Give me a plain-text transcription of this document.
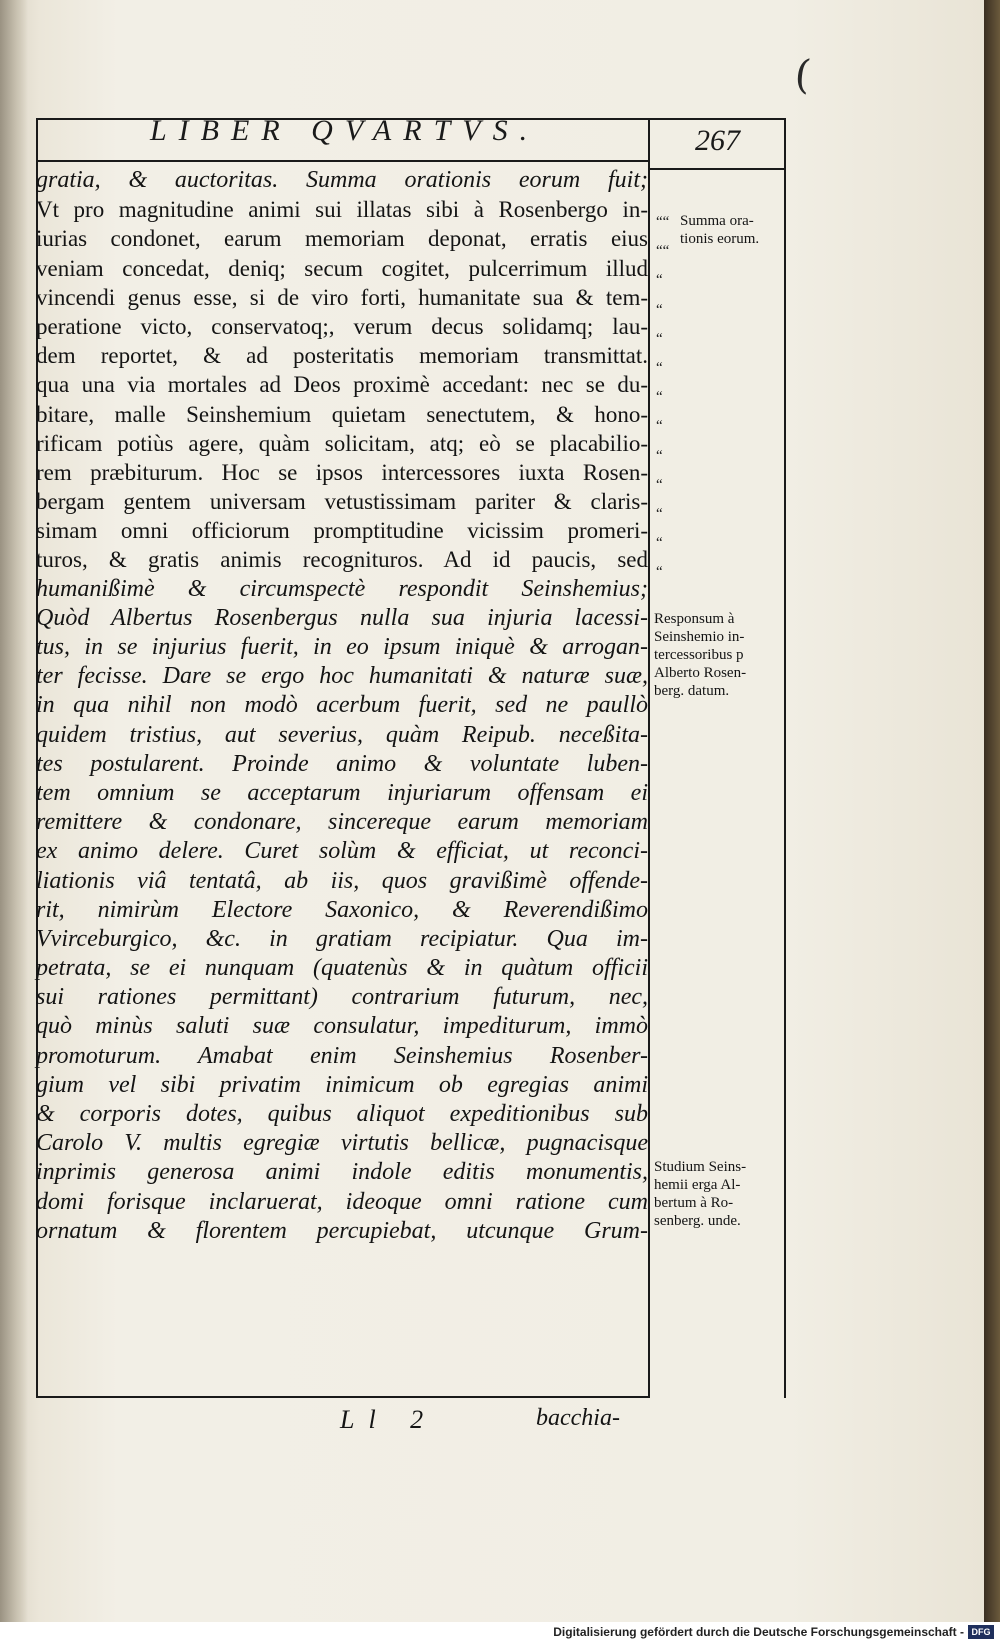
(
LIBER QVARTVS.	267
gratia, & auctoritas. Summa orationis eorum fuit;
Vt pro magnitudine animi sui illatas sibi à Rosenbergo in-
iurias condonet, earum memoriam deponat, erratis eius
veniam concedat, deniq; secum cogitet, pulcerrimum illud
vincendi genus esse, si de viro forti, humanitate sua & tem-
peratione victo, conservatoq;, verum decus solidamq; lau-
dem reportet, & ad posteritatis memoriam transmittat.
qua una via mortales ad Deos proximè accedant: nec se du-
bitare, malle Seinshemium quietam senectutem, & hono-
rificam potiùs agere, quàm solicitam, atq; eò se placabilio-
rem præbiturum. Hoc se ipsos intercessores iuxta Rosen-
bergam gentem universam vetustissimam pariter & claris-
simam omni officiorum promptitudine vicissim promeri-
turos, & gratis animis recognituros. Ad id paucis, sed
humanißimè & circumspectè respondit Seinshemius;
Quòd Albertus Rosenbergus nulla sua injuria lacessi-
tus, in se injurius fuerit, in eo ipsum iniquè & arrogan-
ter fecisse. Dare se ergo hoc humanitati & naturæ suæ,
in qua nihil non modò acerbum fuerit, sed ne paullò
quidem tristius, aut severius, quàm Reipub. neceßita-
tes postularent. Proinde animo & voluntate luben-
tem omnium se acceptarum injuriarum offensam ei
remittere & condonare, sincereque earum memoriam
ex animo delere. Curet solùm & efficiat, ut reconci-
liationis viâ tentatâ, ab iis, quos gravißimè offende-
rit, nimirùm Electore Saxonico, & Reverendißimo
Vvirceburgico, &c. in gratiam recipiatur. Qua im-
petrata, se ei nunquam (quatenùs & in quàtum officii
sui rationes permittant) contrarium futurum, nec,
quò minùs saluti suæ consulatur, impediturum, immò
promoturum. Amabat enim Seinshemius Rosenber-
gium vel sibi privatim inimicum ob egregias animi
& corporis dotes, quibus aliquot expeditionibus sub
Carolo V. multis egregiæ virtutis bellicæ, pugnacisque
inprimis generosa animi indole editis monumentis,
domi forisque inclaruerat, ideoque omni ratione cum
ornatum & florentem percupiebat, utcunque Grum-
““
““
“
“
“
“
“
“
“
“
“
“
“
Summa ora- tionis eorum.
Responsum à Seinshemio in- tercessoribus p Alberto Rosen- berg. datum.
Studium Seins- hemii erga Al- bertum à Ro- senberg. unde.
Ll 2	bacchia-
Digitalisierung gefördert durch die Deutsche Forschungsgemeinschaft - DFG
